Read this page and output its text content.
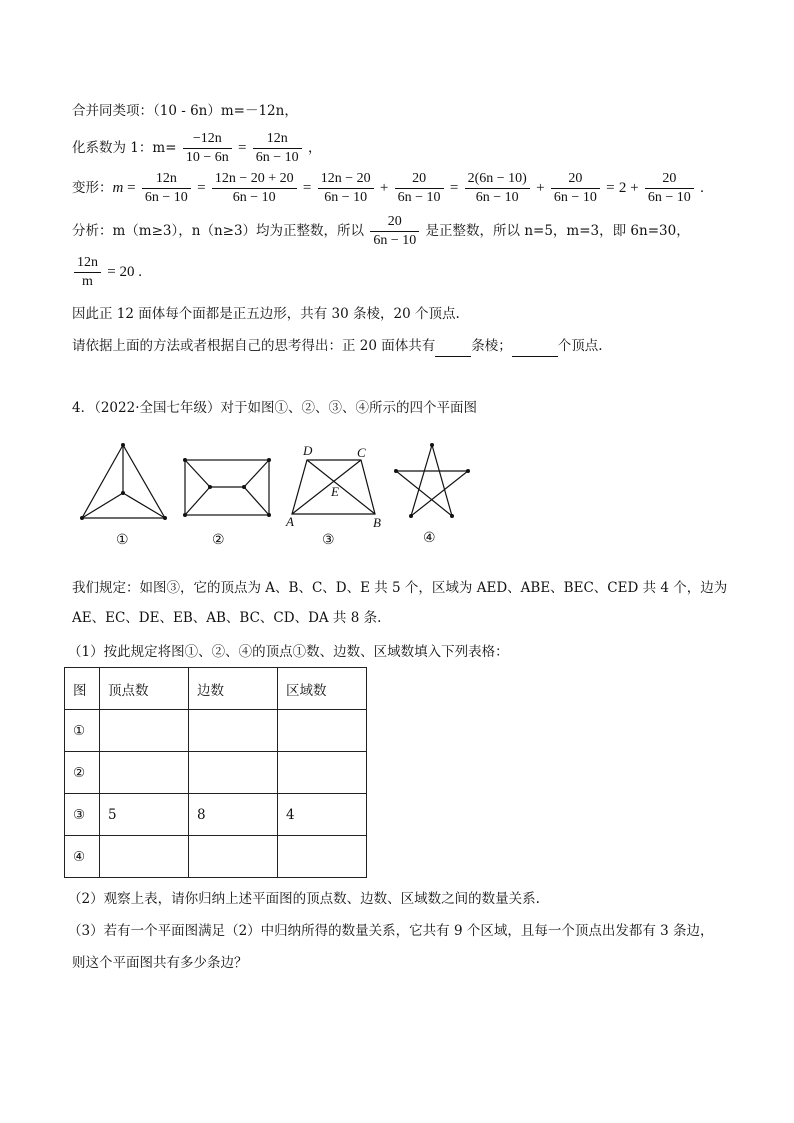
合并同类项：（10 - 6n）m=－12n，
化系数为 1：$m= \frac{-12n}{10 - 6n} = \frac{12n}{6n - 10}$ ，
变形：$m = \frac{12n}{6n - 10} = \frac{12n - 20 + 20}{6n - 10} = \frac{12n - 20}{6n - 10} + \frac{20}{6n - 10} = \frac{2(6n - 10)}{6n - 10} + \frac{20}{6n - 10} = 2 + \frac{20}{6n - 10}$ .
分析：m（m≥3），n（n≥3）均为正整数，所以 $\frac{20}{6n - 10}$ 是正整数，所以 n=5，m=3，即 6n=30，
$\frac{12n}{m} = 20$ .
因此正 12 面体每个面都是正五边形，共有 30 条棱，20 个顶点.
请依据上面的方法或者根据自己的思考得出：正 20 面体共有	条棱；	个顶点.
4．（2022·全国七年级）对于如图①、②、③、④所示的四个平面图
D	C
E
A	B
①	②	③	④
我们规定：如图③，它的顶点为 A、B、C、D、E 共 5 个，区域为 AED、ABE、BEC、CED 共 4 个，边为
AE、EC、DE、EB、AB、BC、CD、DA 共 8 条.
（1）按此规定将图①、②、④的顶点①数、边数、区域数填入下列表格：
图	顶点数	边数	区域数
①			
②			
③	5	8	4
④			
（2）观察上表，请你归纳上述平面图的顶点数、边数、区域数之间的数量关系.
（3）若有一个平面图满足（2）中归纳所得的数量关系，它共有 9 个区域，且每一个顶点出发都有 3 条边，
则这个平面图共有多少条边？
